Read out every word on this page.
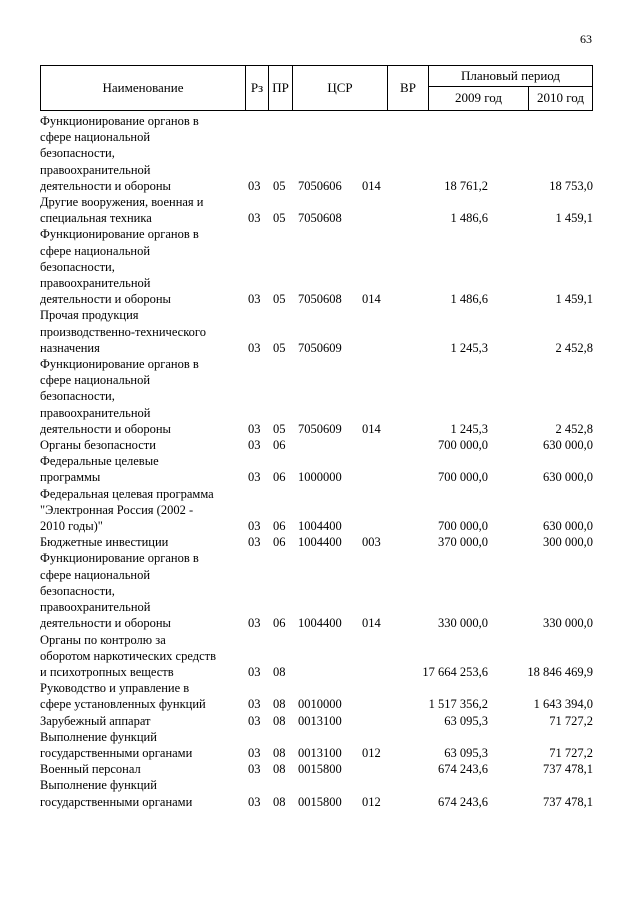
63
Наименование	Рз ПР	ЦСР	ВР
Плановый период
2009 год	2010 год
Функционирование органов в
сфере национальной
безопасности,
правоохранительной
деятельности и обороны	03 05 7050606 014	18 761,2	18 753,0
Другие вооружения, военная и
специальная техника	03 05 7050608	1 486,6	1 459,1
Функционирование органов в
сфере национальной
безопасности,
правоохранительной
деятельности и обороны	03 05 7050608 014	1 486,6	1 459,1
Прочая продукция
производственно-технического
назначения	03 05 7050609	1 245,3	2 452,8
Функционирование органов в
сфере национальной
безопасности,
правоохранительной
деятельности и обороны	03 05 7050609 014	1 245,3	2 452,8
Органы безопасности	03 06	700 000,0	630 000,0
Федеральные целевые
программы	03 06 1000000	700 000,0	630 000,0
Федеральная целевая программа
"Электронная Россия (2002 -
2010 годы)"	03 06 1004400	700 000,0	630 000,0
Бюджетные инвестиции	03 06 1004400 003	370 000,0	300 000,0
Функционирование органов в
сфере национальной
безопасности,
правоохранительной
деятельности и обороны	03 06 1004400 014	330 000,0	330 000,0
Органы по контролю за
оборотом наркотических средств
и психотропных веществ	03 08	17 664 253,6	18 846 469,9
Руководство и управление в
сфере установленных функций	03 08 0010000	1 517 356,2	1 643 394,0
Зарубежный аппарат	03 08 0013100	63 095,3	71 727,2
Выполнение функций
государственными органами	03 08 0013100 012	63 095,3	71 727,2
Военный персонал	03 08 0015800	674 243,6	737 478,1
Выполнение функций
государственными органами	03 08 0015800 012	674 243,6	737 478,1
